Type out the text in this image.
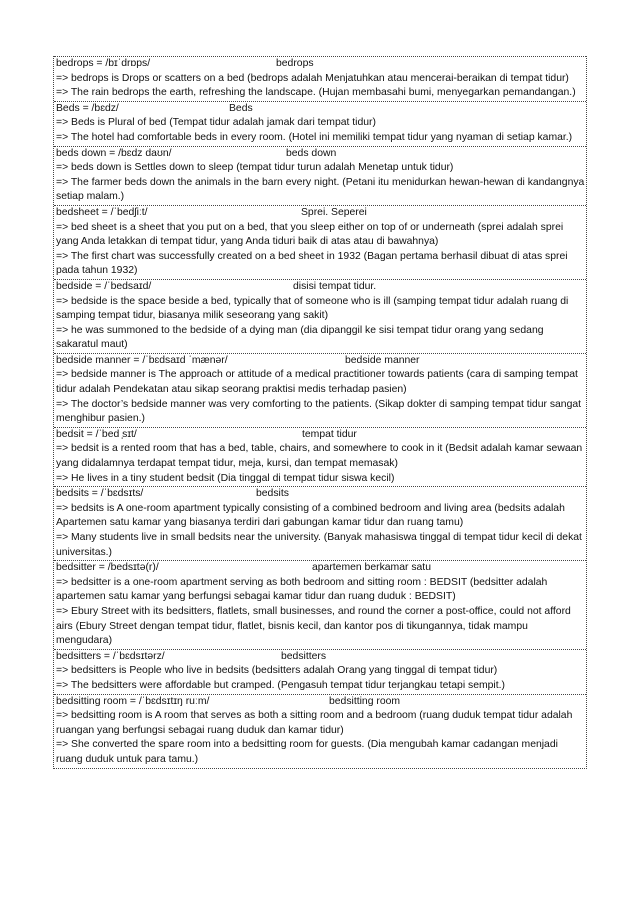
bedrops = /bɪˈdrɒps/	bedrops
=> bedrops is Drops or scatters on a bed (bedrops adalah Menjatuhkan atau mencerai-beraikan di tempat tidur)
=> The rain bedrops the earth, refreshing the landscape. (Hujan membasahi bumi, menyegarkan pemandangan.)
Beds = /bɛdz/	Beds
=> Beds is Plural of bed (Tempat tidur adalah jamak dari tempat tidur)
=> The hotel had comfortable beds in every room. (Hotel ini memiliki tempat tidur yang nyaman di setiap kamar.)
beds down = /bɛdz daʊn/	beds down
=> beds down is Settles down to sleep (tempat tidur turun adalah Menetap untuk tidur)
=> The farmer beds down the animals in the barn every night. (Petani itu menidurkan hewan-hewan di kandangnya setiap malam.)
bedsheet = /ˈbedʃiːt/	Sprei. Seperei
=> bed sheet is a sheet that you put on a bed, that you sleep either on top of or underneath (sprei adalah sprei yang Anda letakkan di tempat tidur, yang Anda tiduri baik di atas atau di bawahnya)
=> The first chart was successfully created on a bed sheet in 1932 (Bagan pertama berhasil dibuat di atas sprei pada tahun 1932)
bedside = /ˈbedsaɪd/	disisi tempat tidur.
=> bedside is the space beside a bed, typically that of someone who is ill (samping tempat tidur adalah ruang di samping tempat tidur, biasanya milik seseorang yang sakit)
=> he was summoned to the bedside of a dying man (dia dipanggil ke sisi tempat tidur orang yang sedang sakaratul maut)
bedside manner = /ˈbɛdsaɪd ˈmænər/	bedside manner
=> bedside manner is The approach or attitude of a medical practitioner towards patients (cara di samping tempat tidur adalah Pendekatan atau sikap seorang praktisi medis terhadap pasien)
=> The doctor’s bedside manner was very comforting to the patients. (Sikap dokter di samping tempat tidur sangat menghibur pasien.)
bedsit = /ˈbed ̩sɪt/	tempat tidur
=> bedsit is a rented room that has a bed, table, chairs, and somewhere to cook in it (Bedsit adalah kamar sewaan yang didalamnya terdapat tempat tidur, meja, kursi, dan tempat memasak)
=> He lives in a tiny student bedsit (Dia tinggal di tempat tidur siswa kecil)
bedsits = /ˈbɛdsɪts/	bedsits
=> bedsits is A one-room apartment typically consisting of a combined bedroom and living area (bedsits adalah Apartemen satu kamar yang biasanya terdiri dari gabungan kamar tidur dan ruang tamu)
=> Many students live in small bedsits near the university. (Banyak mahasiswa tinggal di tempat tidur kecil di dekat universitas.)
bedsitter = /bedsɪtə(r)/	apartemen berkamar satu
=> bedsitter is a one-room apartment serving as both bedroom and sitting room : BEDSIT (bedsitter adalah apartemen satu kamar yang berfungsi sebagai kamar tidur dan ruang duduk : BEDSIT)
=> Ebury Street with its bedsitters, flatlets, small businesses, and round the corner a post-office, could not afford airs (Ebury Street dengan tempat tidur, flatlet, bisnis kecil, dan kantor pos di tikungannya, tidak mampu mengudara)
bedsitters = /ˈbɛdsɪtərz/	bedsitters
=> bedsitters is People who live in bedsits (bedsitters adalah Orang yang tinggal di tempat tidur)
=> The bedsitters were affordable but cramped. (Pengasuh tempat tidur terjangkau tetapi sempit.)
bedsitting room = /ˈbɛdsɪtɪŋ ruːm/	bedsitting room
=> bedsitting room is A room that serves as both a sitting room and a bedroom (ruang duduk tempat tidur adalah ruangan yang berfungsi sebagai ruang duduk dan kamar tidur)
=> She converted the spare room into a bedsitting room for guests. (Dia mengubah kamar cadangan menjadi ruang duduk untuk para tamu.)
